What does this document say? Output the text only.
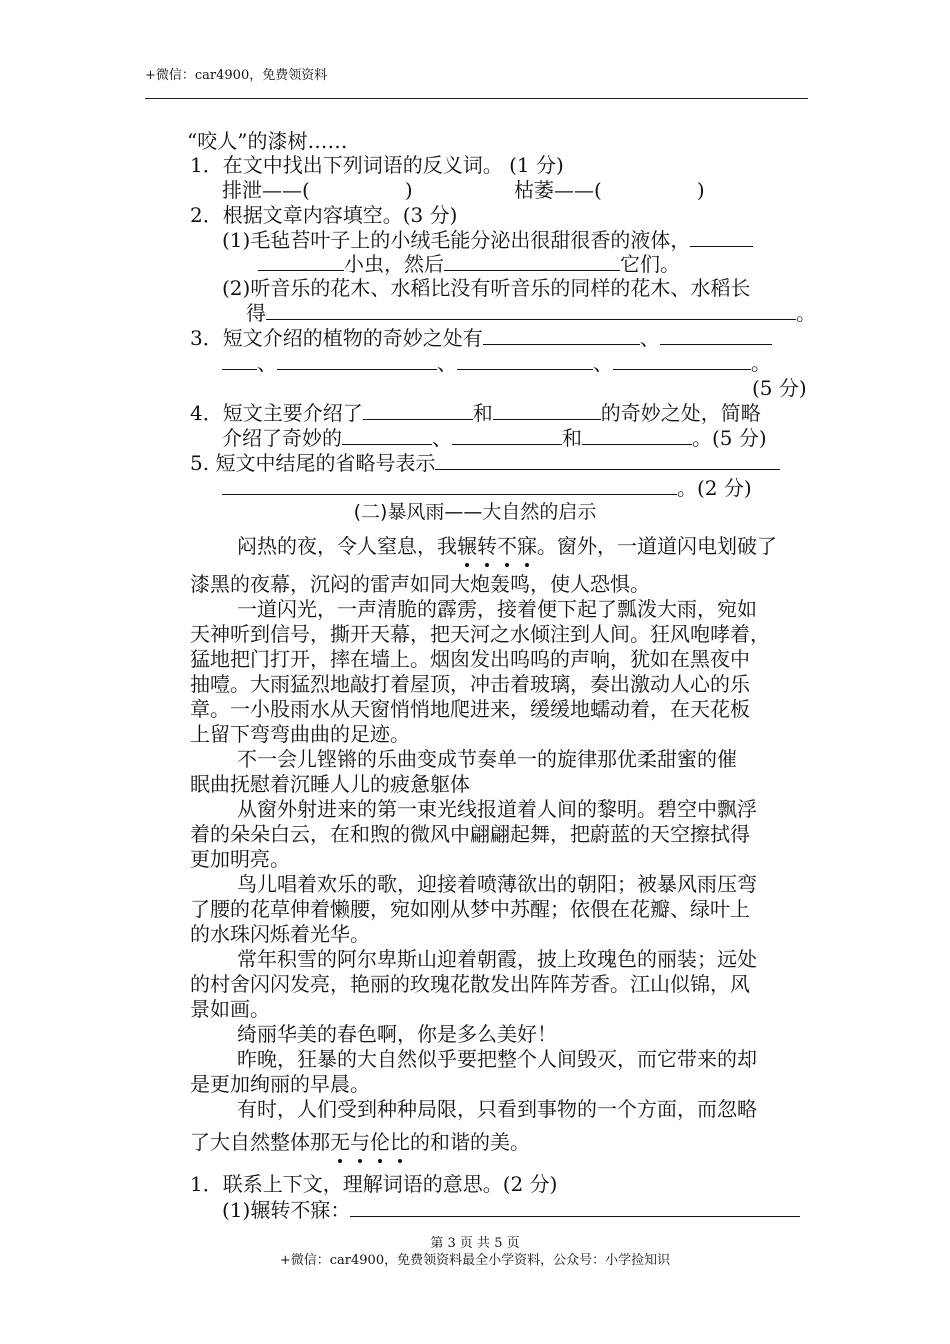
+微信：car4900，免费领资料
“咬人”的漆树……
1．在文中找出下列词语的反义词。 (1 分)
排泄——(	)	枯萎——(	)
2．根据文章内容填空。(3 分)
(1)毛毡苔叶子上的小绒毛能分泌出很甜很香的液体，
小虫，然后	它们。
(2)听音乐的花木、水稻比没有听音乐的同样的花木、水稻长
得	。
3．短文介绍的植物的奇妙之处有	、
、	、	、	。
(5 分)
4．短文主要介绍了	和	的奇妙之处，简略
介绍了奇妙的	、	和	。(5 分)
5. 短文中结尾的省略号表示
。(2 分)
(二)暴风雨——大自然的启示
闷热的夜，令人窒息，我辗转不寐。窗外，一道道闪电划破了
漆黑的夜幕，沉闷的雷声如同大炮轰鸣，使人恐惧。
一道闪光，一声清脆的霹雳，接着便下起了瓢泼大雨，宛如
天神听到信号，撕开天幕，把天河之水倾注到人间。狂风咆哮着，
猛地把门打开，摔在墙上。烟囱发出呜呜的声响，犹如在黑夜中
抽噎。大雨猛烈地敲打着屋顶，冲击着玻璃，奏出激动人心的乐
章。一小股雨水从天窗悄悄地爬进来，缓缓地蠕动着，在天花板
上留下弯弯曲曲的足迹。
不一会儿铿锵的乐曲变成节奏单一的旋律那优柔甜蜜的催
眠曲抚慰着沉睡人儿的疲惫躯体
从窗外射进来的第一束光线报道着人间的黎明。碧空中飘浮
着的朵朵白云，在和煦的微风中翩翩起舞，把蔚蓝的天空擦拭得
更加明亮。
鸟儿唱着欢乐的歌，迎接着喷薄欲出的朝阳；被暴风雨压弯
了腰的花草伸着懒腰，宛如刚从梦中苏醒；依偎在花瓣、绿叶上
的水珠闪烁着光华。
常年积雪的阿尔卑斯山迎着朝霞，披上玫瑰色的丽装；远处
的村舍闪闪发亮，艳丽的玫瑰花散发出阵阵芳香。江山似锦，风
景如画。
绮丽华美的春色啊，你是多么美好！
昨晚，狂暴的大自然似乎要把整个人间毁灭，而它带来的却
是更加绚丽的早晨。
有时，人们受到种种局限，只看到事物的一个方面，而忽略
了大自然整体那无与伦比的和谐的美。
1．联系上下文，理解词语的意思。(2 分)
(1)辗转不寐：
第 3 页 共 5 页
+微信：car4900，免费领资料最全小学资料，公众号：小学捡知识
